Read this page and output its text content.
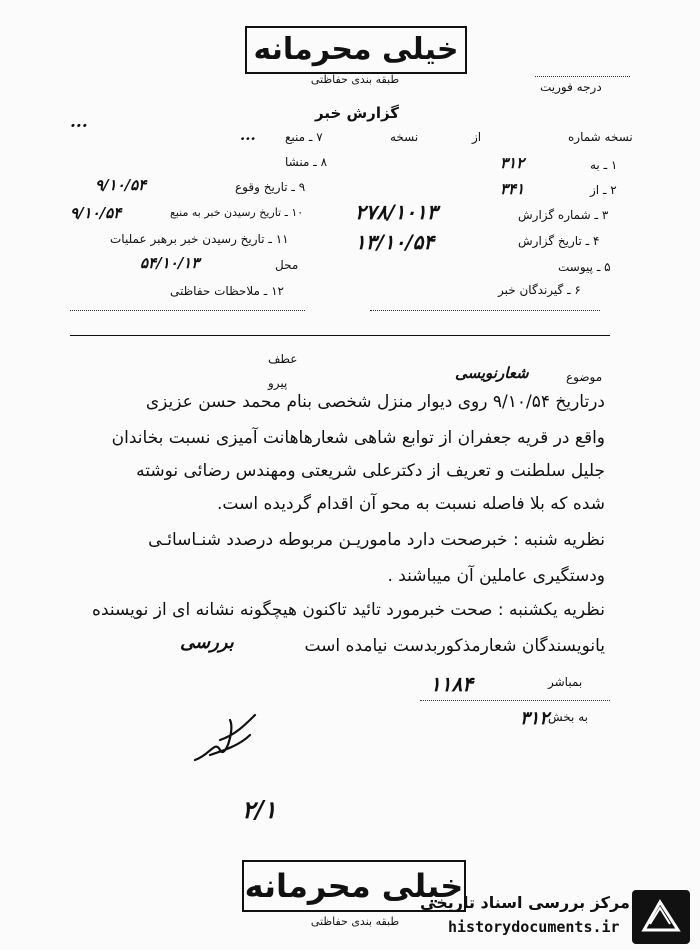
خیلی محرمانه
طبقه بندی حفاظتی
درجه فوریت
گزارش خبر
...
نسخه شماره
از
نسخه
۱ ـ به
۳۱۲
۲ ـ از
۳۴۱
۳ ـ شماره گزارش
۲۷۸/۱۰۱۳
۴ ـ تاریخ گزارش
۱۳/۱۰/۵۴
۵ ـ پیوست
۶ ـ گیرندگان خبر
۷ ـ منبع
...
۸ ـ منشا
۹ ـ تاریخ وقوع
۹/۱۰/۵۴
۱۰ ـ تاریخ رسیدن خبر به منبع
۹/۱۰/۵۴
۱۱ ـ تاریخ رسیدن خبر برهبر عملیات
محل
۵۴/۱۰/۱۳
۱۲ ـ ملاحظات حفاظتی
عطف
پیرو	موضوع
شعارنویسی
درتاریخ ۹/۱۰/۵۴ روی دیوار منزل شخصی بنام محمد حسن عزیزی
واقع در قریه جعفران از توابع شاهی شعارهاهانت آمیزی نسبت بخاندان
جلیل سلطنت و تعریف از دکترعلی شریعتی ومهندس رضائی نوشته
شده که بلا فاصله نسبت به محو آن اقدام گردیده است.
نظریه شنبه : خبرصحت دارد ماموریـن مربوطه درصدد شنـاسائـی
ودستگیری عاملین آن میباشند .
نظریه یکشنبه : صحت خبرمورد تائید تاکنون هیچگونه نشانه ای از نویسنده
یانویسندگان شعارمذکوربدست نیامده است
بررسی
بمباشر
به بخش
۱۱۸۴
۳۱۲
۲/۱
خیلی محرمانه
طبقه بندی حفاظتی
مرکز بررسی اسناد تاریخی
historydocuments.ir
